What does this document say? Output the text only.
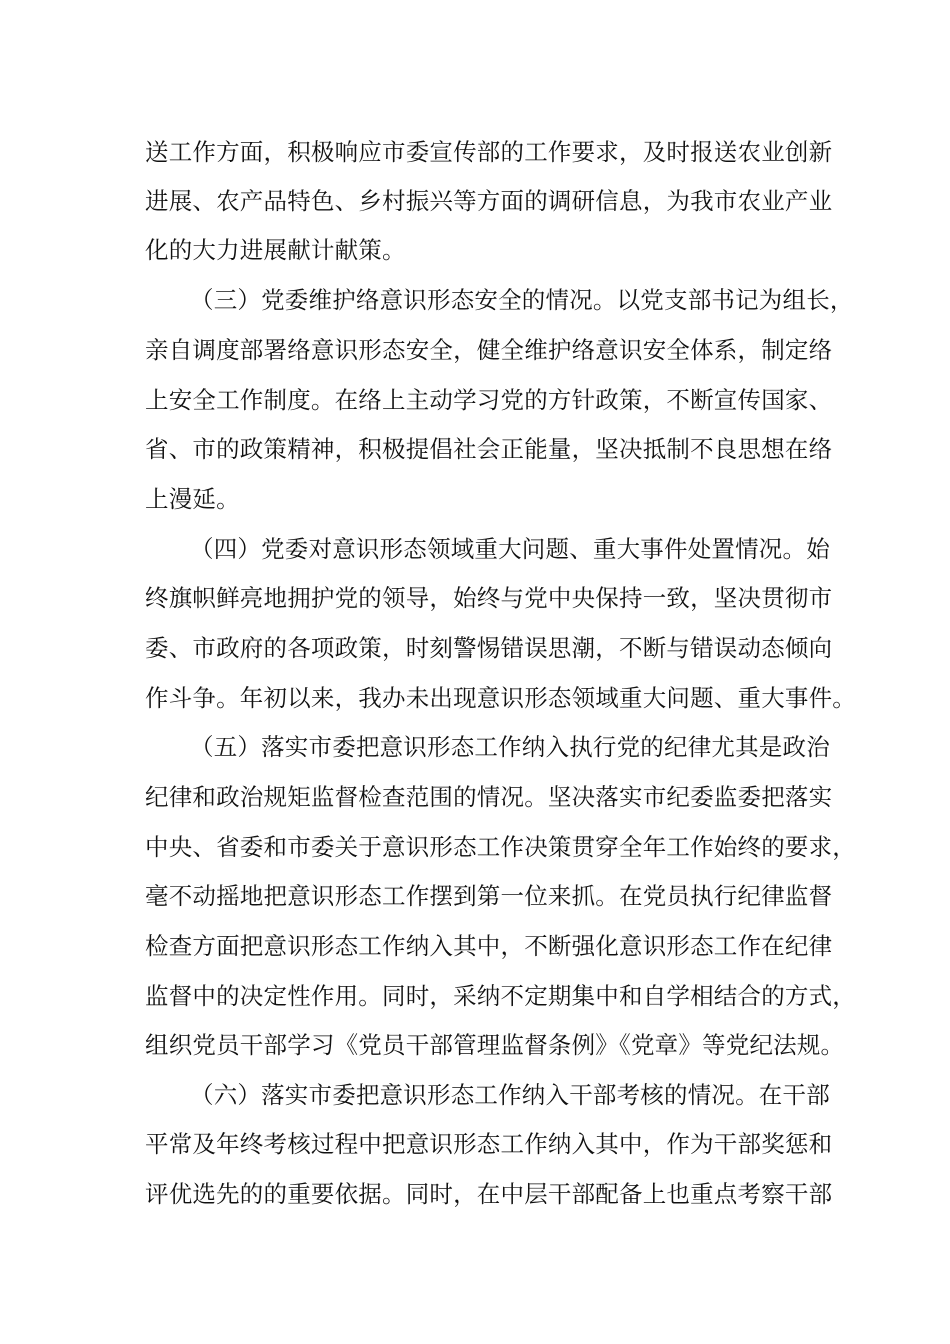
送工作方面，积极响应市委宣传部的工作要求，及时报送农业创新
进展、农产品特色、乡村振兴等方面的调研信息，为我市农业产业
化的大力进展献计献策。
（三）党委维护络意识形态安全的情况。以党支部书记为组长，
亲自调度部署络意识形态安全，健全维护络意识安全体系，制定络
上安全工作制度。在络上主动学习党的方针政策，不断宣传国家、
省、市的政策精神，积极提倡社会正能量，坚决抵制不良思想在络
上漫延。
（四）党委对意识形态领域重大问题、重大事件处置情况。始
终旗帜鲜亮地拥护党的领导，始终与党中央保持一致，坚决贯彻市
委、市政府的各项政策，时刻警惕错误思潮，不断与错误动态倾向
作斗争。年初以来，我办未出现意识形态领域重大问题、重大事件。
（五）落实市委把意识形态工作纳入执行党的纪律尤其是政治
纪律和政治规矩监督检查范围的情况。坚决落实市纪委监委把落实
中央、省委和市委关于意识形态工作决策贯穿全年工作始终的要求，
毫不动摇地把意识形态工作摆到第一位来抓。在党员执行纪律监督
检查方面把意识形态工作纳入其中，不断强化意识形态工作在纪律
监督中的决定性作用。同时，采纳不定期集中和自学相结合的方式，
组织党员干部学习《党员干部管理监督条例》《党章》等党纪法规。
（六）落实市委把意识形态工作纳入干部考核的情况。在干部
平常及年终考核过程中把意识形态工作纳入其中，作为干部奖惩和
评优选先的的重要依据。同时，在中层干部配备上也重点考察干部
